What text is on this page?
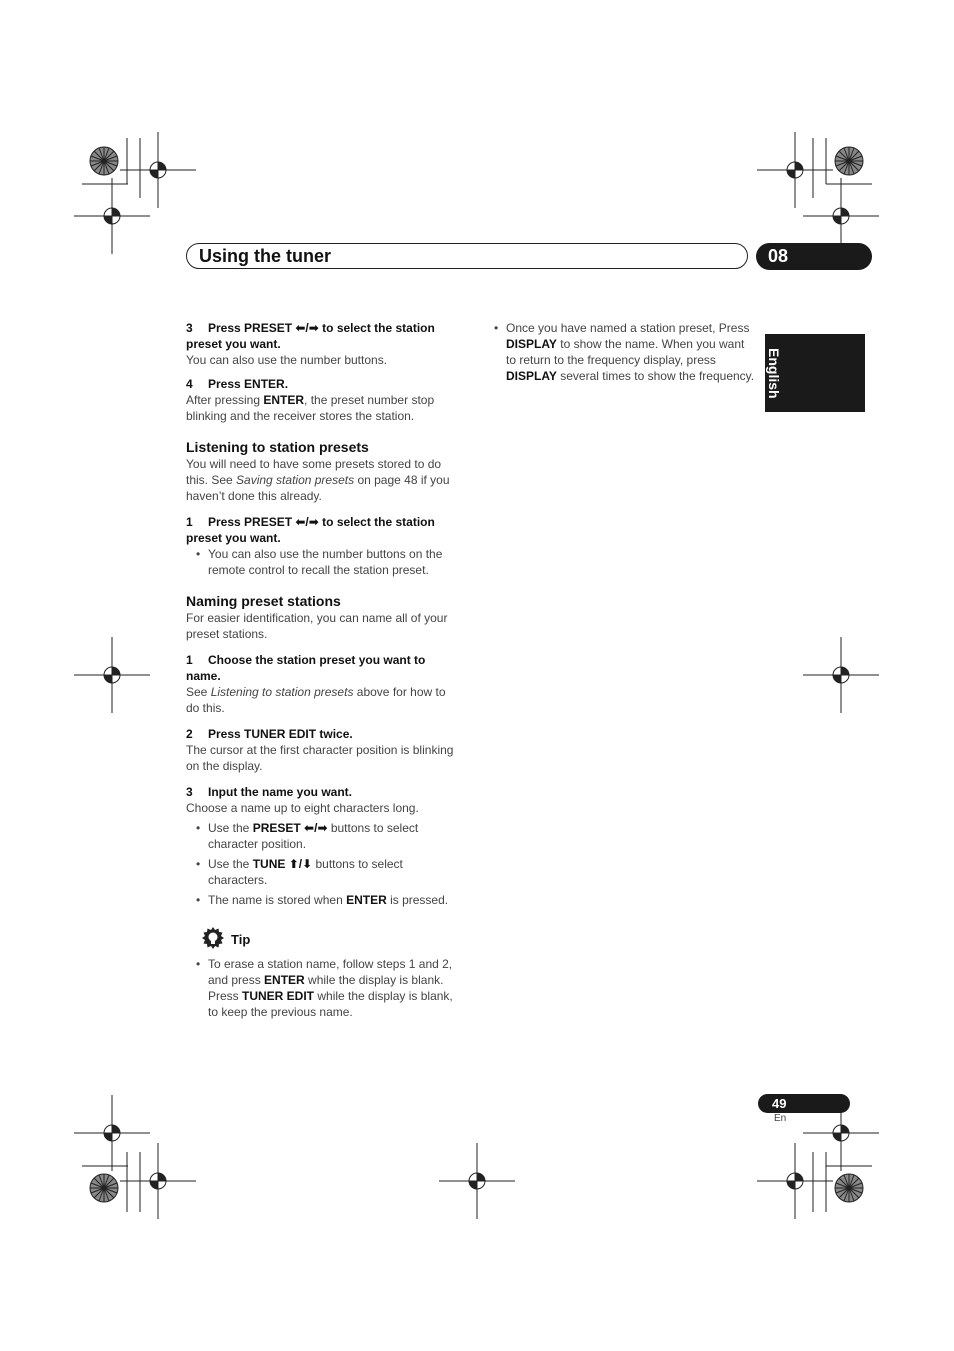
Using the tuner	08
English

3 Press PRESET ⬅/➡ to select the station preset you want.

You can also use the number buttons.

4 Press ENTER.

After pressing ENTER, the preset number stop blinking and the receiver stores the station.

Listening to station presets

You will need to have some presets stored to do this. See Saving station presets on page 48 if you haven’t done this already.

1 Press PRESET ⬅/➡ to select the station preset you want.

• You can also use the number buttons on the remote control to recall the station preset.

Naming preset stations

For easier identification, you can name all of your preset stations.

1 Choose the station preset you want to name.

See Listening to station presets above for how to do this.

2 Press TUNER EDIT twice.

The cursor at the first character position is blinking on the display.

3 Input the name you want.

Choose a name up to eight characters long.

• Use the PRESET ⬅/➡ buttons to select character position.

• Use the TUNE ⬆/⬇ buttons to select characters.

• The name is stored when ENTER is pressed.

Tip

• To erase a station name, follow steps 1 and 2, and press ENTER while the display is blank. Press TUNER EDIT while the display is blank, to keep the previous name.

• Once you have named a station preset, Press DISPLAY to show the name. When you want to return to the frequency display, press DISPLAY several times to show the frequency.

49
En
